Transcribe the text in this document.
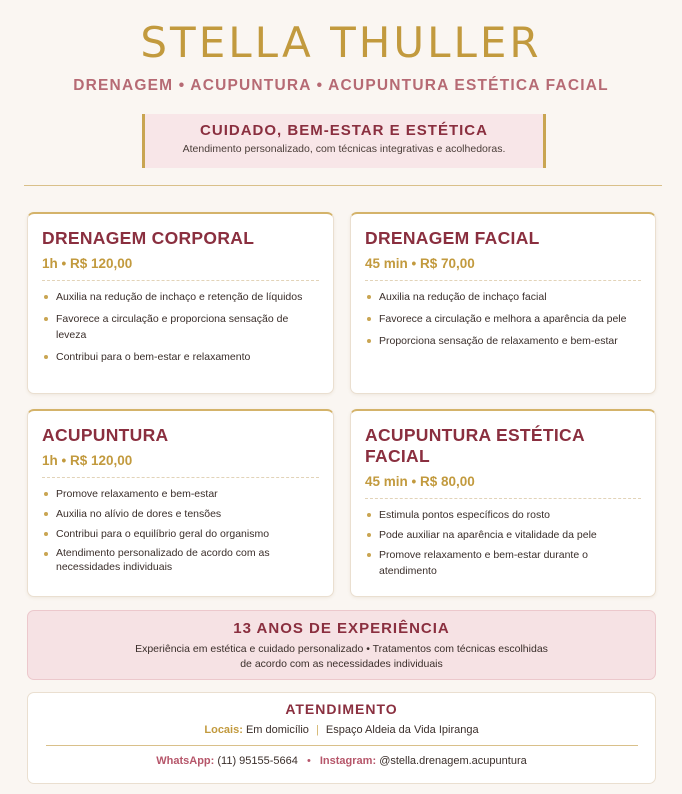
STELLA THULLER
DRENAGEM • ACUPUNTURA • ACUPUNTURA ESTÉTICA FACIAL
CUIDADO, BEM-ESTAR E ESTÉTICA
Atendimento personalizado, com técnicas integrativas e acolhedoras.
DRENAGEM CORPORAL
1h • R$ 120,00
Auxilia na redução de inchaço e retenção de líquidos
Favorece a circulação e proporciona sensação de leveza
Contribui para o bem-estar e relaxamento
DRENAGEM FACIAL
45 min • R$ 70,00
Auxilia na redução de inchaço facial
Favorece a circulação e melhora a aparência da pele
Proporciona sensação de relaxamento e bem-estar
ACUPUNTURA
1h • R$ 120,00
Promove relaxamento e bem-estar
Auxilia no alívio de dores e tensões
Contribui para o equilíbrio geral do organismo
Atendimento personalizado de acordo com as necessidades individuais
ACUPUNTURA ESTÉTICA FACIAL
45 min • R$ 80,00
Estimula pontos específicos do rosto
Pode auxiliar na aparência e vitalidade da pele
Promove relaxamento e bem-estar durante o atendimento
13 ANOS DE EXPERIÊNCIA
Experiência em estética e cuidado personalizado • Tratamentos com técnicas escolhidas
de acordo com as necessidades individuais
ATENDIMENTO
Locais: Em domicílio | Espaço Aldeia da Vida Ipiranga
WhatsApp: (11) 95155-5664 • Instagram: @stella.drenagem.acupuntura
